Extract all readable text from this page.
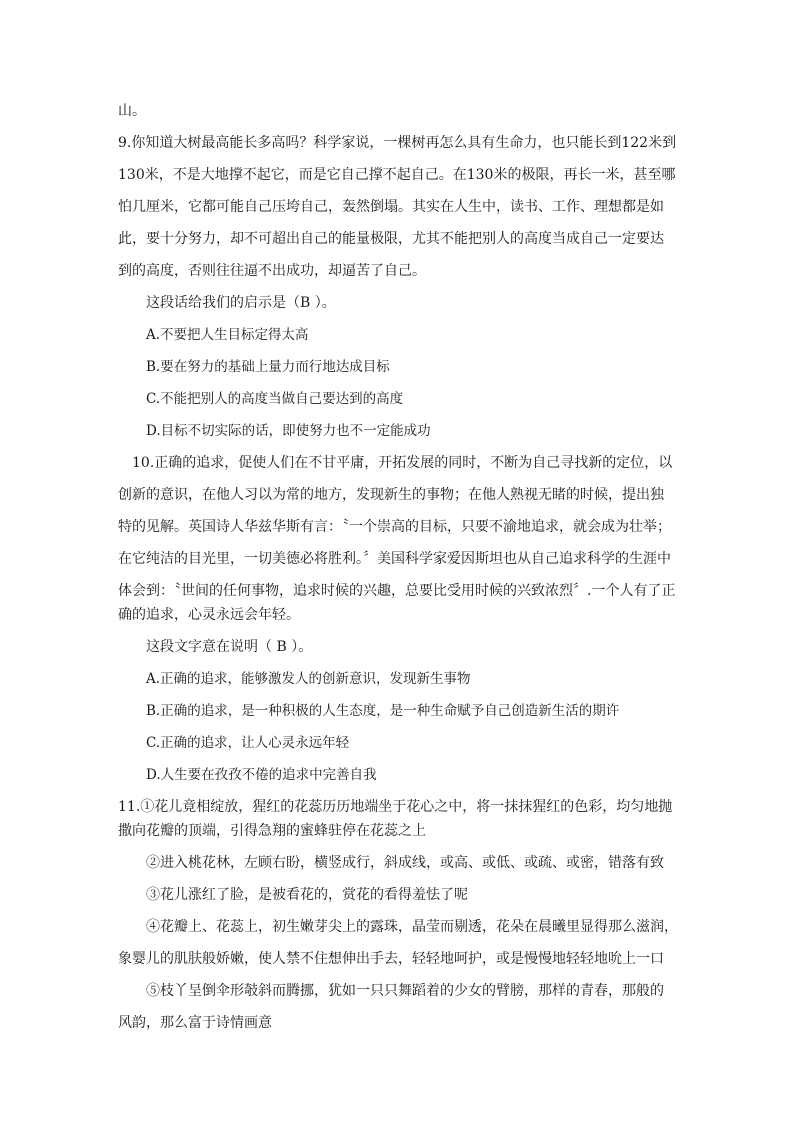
山。
9.你知道大树最高能长多高吗？科学家说，一棵树再怎么具有生命力，也只能长到122米到
130米，不是大地撑不起它，而是它自己撑不起自己。在130米的极限，再长一米，甚至哪
怕几厘米，它都可能自己压垮自己，轰然倒塌。其实在人生中，读书、工作、理想都是如
此，要十分努力，却不可超出自己的能量极限，尤其不能把别人的高度当成自己一定要达
到的高度，否则往往逼不出成功，却逼苦了自己。
这段话给我们的启示是（B ）。
A.不要把人生目标定得太高
B.要在努力的基础上量力而行地达成目标
C.不能把别人的高度当做自己要达到的高度
D.目标不切实际的话，即使努力也不一定能成功
10.正确的追求，促使人们在不甘平庸，开拓发展的同时，不断为自己寻找新的定位，以
创新的意识，在他人习以为常的地方，发现新生的事物；在他人熟视无睹的时候，提出独
特的见解。英国诗人华兹华斯有言：〝一个崇高的目标，只要不渝地追求，就会成为壮举；
在它纯洁的目光里，一切美德必将胜利。〞美国科学家爱因斯坦也从自己追求科学的生涯中
体会到：〝世间的任何事物，追求时候的兴趣，总要比受用时候的兴致浓烈〞.一个人有了正
确的追求，心灵永远会年轻。
这段文字意在说明（ B ）。
A.正确的追求，能够激发人的创新意识，发现新生事物
B.正确的追求，是一种积极的人生态度，是一种生命赋予自己创造新生活的期许
C.正确的追求，让人心灵永远年轻
D.人生要在孜孜不倦的追求中完善自我
11.①花儿竟相绽放，猩红的花蕊历历地端坐于花心之中，将一抹抹猩红的色彩，均匀地抛
撒向花瓣的顶端，引得急翔的蜜蜂驻停在花蕊之上
②进入桃花林，左顾右盼，横竖成行，斜成线，或高、或低、或疏、或密，错落有致
③花儿涨红了脸，是被看花的，赏花的看得羞怯了呢
④花瓣上、花蕊上，初生嫩芽尖上的露珠，晶莹而剔透，花朵在晨曦里显得那么滋润，
象婴儿的肌肤般娇嫩，使人禁不住想伸出手去，轻轻地呵护，或是慢慢地轻轻地吮上一口
⑤枝丫呈倒伞形攲斜而腾挪，犹如一只只舞蹈着的少女的臂膀，那样的青春，那般的
风韵，那么富于诗情画意
